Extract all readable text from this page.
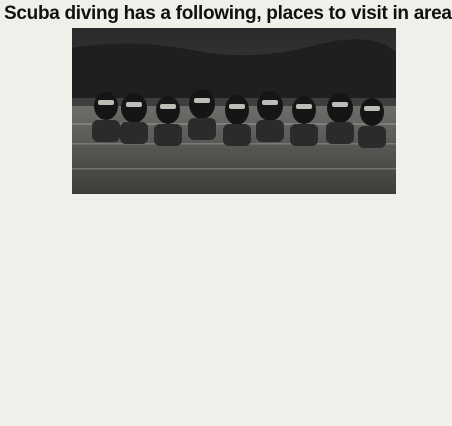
Scuba diving has a following, places to visit in area
